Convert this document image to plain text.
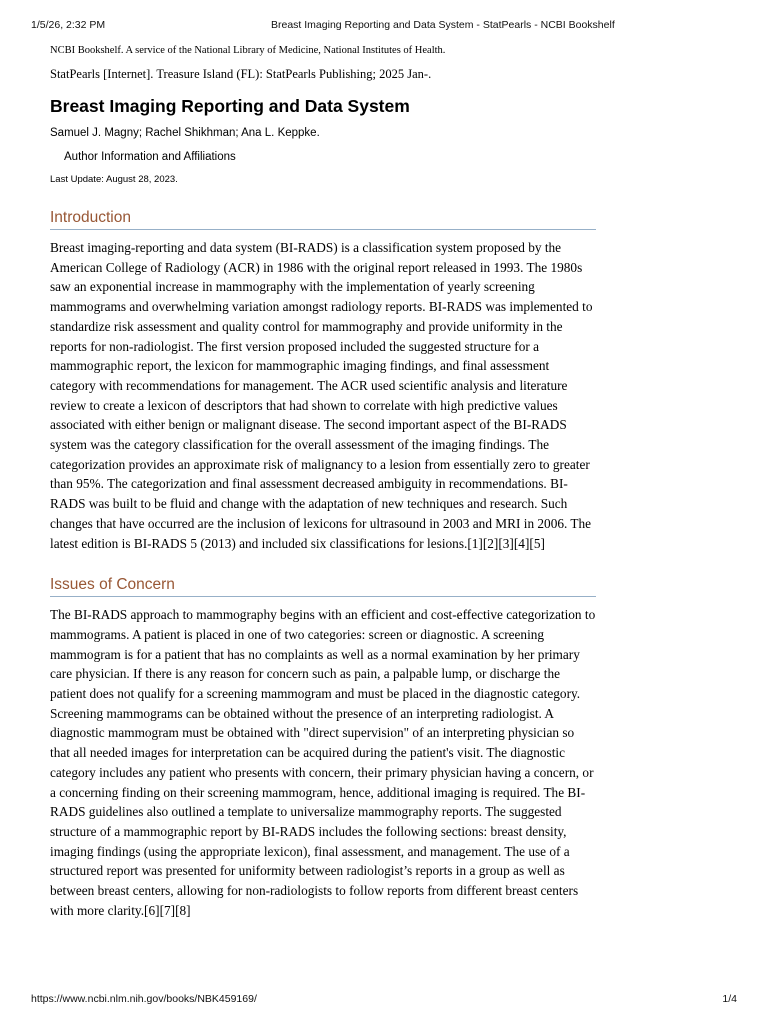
1/5/26, 2:32 PM	Breast Imaging Reporting and Data System - StatPearls - NCBI Bookshelf

NCBI Bookshelf. A service of the National Library of Medicine, National Institutes of Health.

StatPearls [Internet]. Treasure Island (FL): StatPearls Publishing; 2025 Jan-.

Breast Imaging Reporting and Data System

Samuel J. Magny; Rachel Shikhman; Ana L. Keppke.

Author Information and Affiliations

Last Update: August 28, 2023.

Introduction

Breast imaging-reporting and data system (BI-RADS) is a classification system proposed by the American College of Radiology (ACR) in 1986 with the original report released in 1993. The 1980s saw an exponential increase in mammography with the implementation of yearly screening mammograms and overwhelming variation amongst radiology reports. BI-RADS was implemented to standardize risk assessment and quality control for mammography and provide uniformity in the reports for non-radiologist. The first version proposed included the suggested structure for a mammographic report, the lexicon for mammographic imaging findings, and final assessment category with recommendations for management. The ACR used scientific analysis and literature review to create a lexicon of descriptors that had shown to correlate with high predictive values associated with either benign or malignant disease. The second important aspect of the BI-RADS system was the category classification for the overall assessment of the imaging findings. The categorization provides an approximate risk of malignancy to a lesion from essentially zero to greater than 95%. The categorization and final assessment decreased ambiguity in recommendations. BI-RADS was built to be fluid and change with the adaptation of new techniques and research. Such changes that have occurred are the inclusion of lexicons for ultrasound in 2003 and MRI in 2006. The latest edition is BI-RADS 5 (2013) and included six classifications for lesions.[1][2][3][4][5]

Issues of Concern

The BI-RADS approach to mammography begins with an efficient and cost-effective categorization to mammograms. A patient is placed in one of two categories: screen or diagnostic. A screening mammogram is for a patient that has no complaints as well as a normal examination by her primary care physician. If there is any reason for concern such as pain, a palpable lump, or discharge the patient does not qualify for a screening mammogram and must be placed in the diagnostic category. Screening mammograms can be obtained without the presence of an interpreting radiologist. A diagnostic mammogram must be obtained with "direct supervision" of an interpreting physician so that all needed images for interpretation can be acquired during the patient's visit. The diagnostic category includes any patient who presents with concern, their primary physician having a concern, or a concerning finding on their screening mammogram, hence, additional imaging is required. The BI-RADS guidelines also outlined a template to universalize mammography reports. The suggested structure of a mammographic report by BI-RADS includes the following sections: breast density, imaging findings (using the appropriate lexicon), final assessment, and management. The use of a structured report was presented for uniformity between radiologist’s reports in a group as well as between breast centers, allowing for non-radiologists to follow reports from different breast centers with more clarity.[6][7][8]

https://www.ncbi.nlm.nih.gov/books/NBK459169/	1/4
